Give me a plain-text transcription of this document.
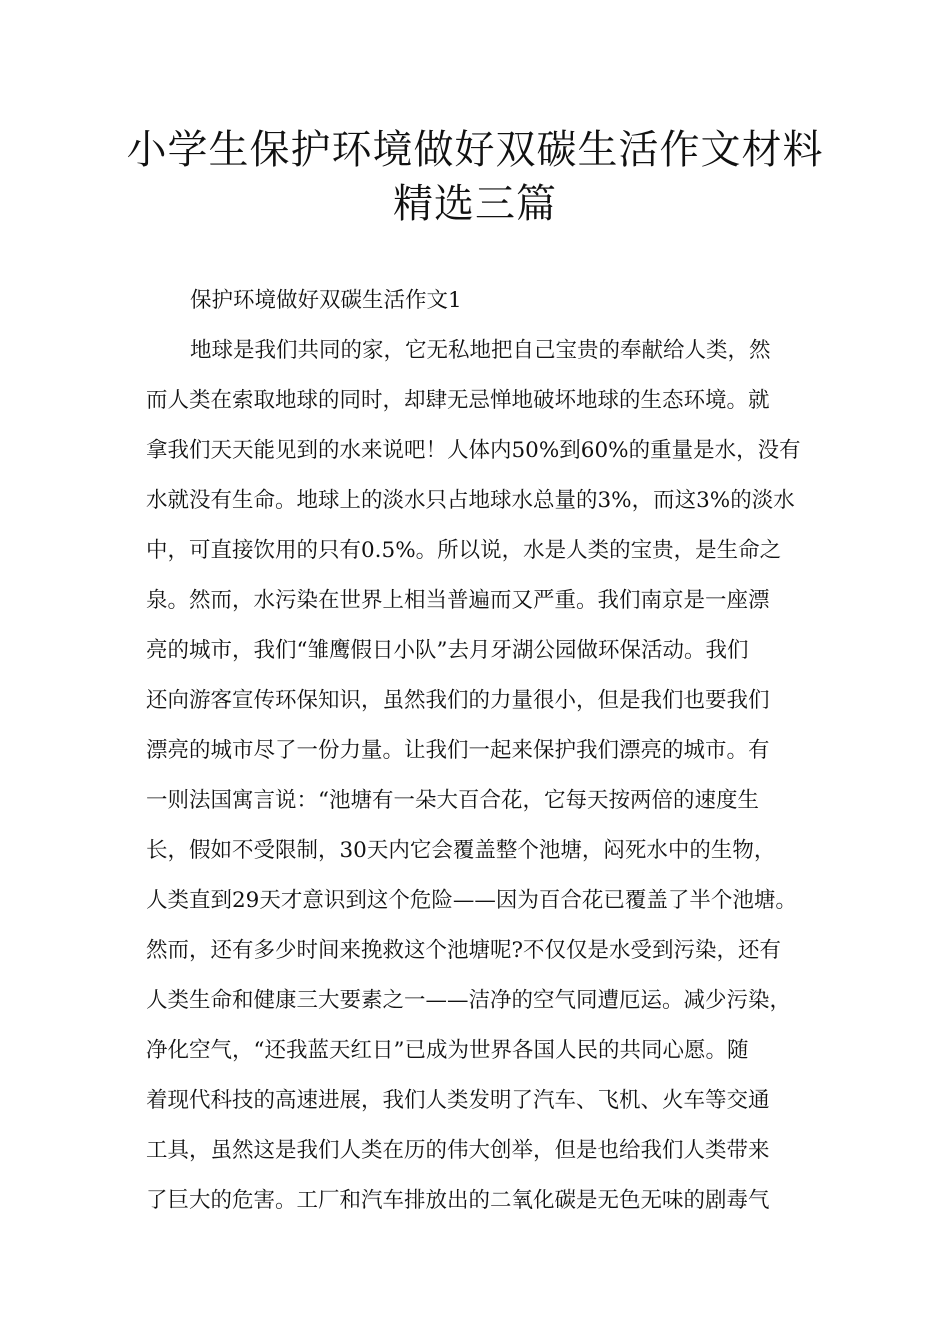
小学生保护环境做好双碳生活作文材料
精选三篇

保护环境做好双碳生活作文1

地球是我们共同的家，它无私地把自己宝贵的奉献给人类，然

而人类在索取地球的同时，却肆无忌惮地破坏地球的生态环境。就

拿我们天天能见到的水来说吧！人体内50%到60%的重量是水，没有

水就没有生命。地球上的淡水只占地球水总量的3%，而这3%的淡水

中，可直接饮用的只有0.5%。所以说，水是人类的宝贵，是生命之

泉。然而，水污染在世界上相当普遍而又严重。我们南京是一座漂

亮的城市，我们“雏鹰假日小队”去月牙湖公园做环保活动。我们

还向游客宣传环保知识，虽然我们的力量很小，但是我们也要我们

漂亮的城市尽了一份力量。让我们一起来保护我们漂亮的城市。有

一则法国寓言说：“池塘有一朵大百合花，它每天按两倍的速度生

长，假如不受限制，30天内它会覆盖整个池塘，闷死水中的生物，

人类直到29天才意识到这个危险——因为百合花已覆盖了半个池塘。

然而，还有多少时间来挽救这个池塘呢?不仅仅是水受到污染，还有

人类生命和健康三大要素之一——洁净的空气同遭厄运。减少污染，

净化空气，“还我蓝天红日”已成为世界各国人民的共同心愿。随

着现代科技的高速进展，我们人类发明了汽车、飞机、火车等交通

工具，虽然这是我们人类在历的伟大创举，但是也给我们人类带来

了巨大的危害。工厂和汽车排放出的二氧化碳是无色无味的剧毒气
